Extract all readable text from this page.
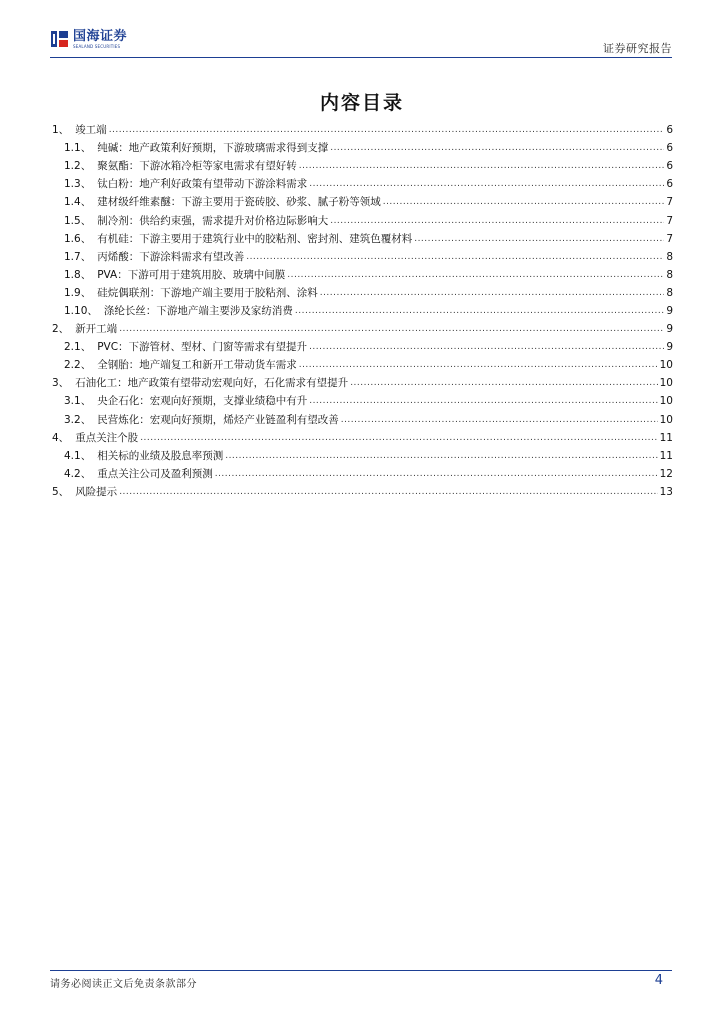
国海证券
SEALAND SECURITIES	证券研究报告
内容目录
1、 竣工端 .....	6
1.1、 纯碱：地产政策利好预期，下游玻璃需求得到支撑 .....	6
1.2、 聚氨酯：下游冰箱冷柜等家电需求有望好转 .....	6
1.3、 钛白粉：地产利好政策有望带动下游涂料需求 .....	6
1.4、 建材级纤维素醚：下游主要用于瓷砖胶、砂浆、腻子粉等领域 .....	7
1.5、 制冷剂：供给约束强，需求提升对价格边际影响大 .....	7
1.6、 有机硅：下游主要用于建筑行业中的胶粘剂、密封剂、建筑色覆材料 .....	7
1.7、 丙烯酸：下游涂料需求有望改善 .....	8
1.8、 PVA：下游可用于建筑用胶、玻璃中间膜 .....	8
1.9、 硅烷偶联剂：下游地产端主要用于胶粘剂、涂料 .....	8
1.10、 涤纶长丝：下游地产端主要涉及家纺消费 .....	9
2、 新开工端 .....	9
2.1、 PVC：下游管材、型材、门窗等需求有望提升 .....	9
2.2、 全钢胎：地产端复工和新开工带动货车需求 .....	10
3、 石油化工：地产政策有望带动宏观向好，石化需求有望提升 .....	10
3.1、 央企石化：宏观向好预期，支撑业绩稳中有升 .....	10
3.2、 民营炼化：宏观向好预期，烯烃产业链盈利有望改善 .....	10
4、 重点关注个股 .....	11
4.1、 相关标的业绩及股息率预测 .....	11
4.2、 重点关注公司及盈利预测 .....	12
5、 风险提示 .....	13
请务必阅读正文后免责条款部分	4
